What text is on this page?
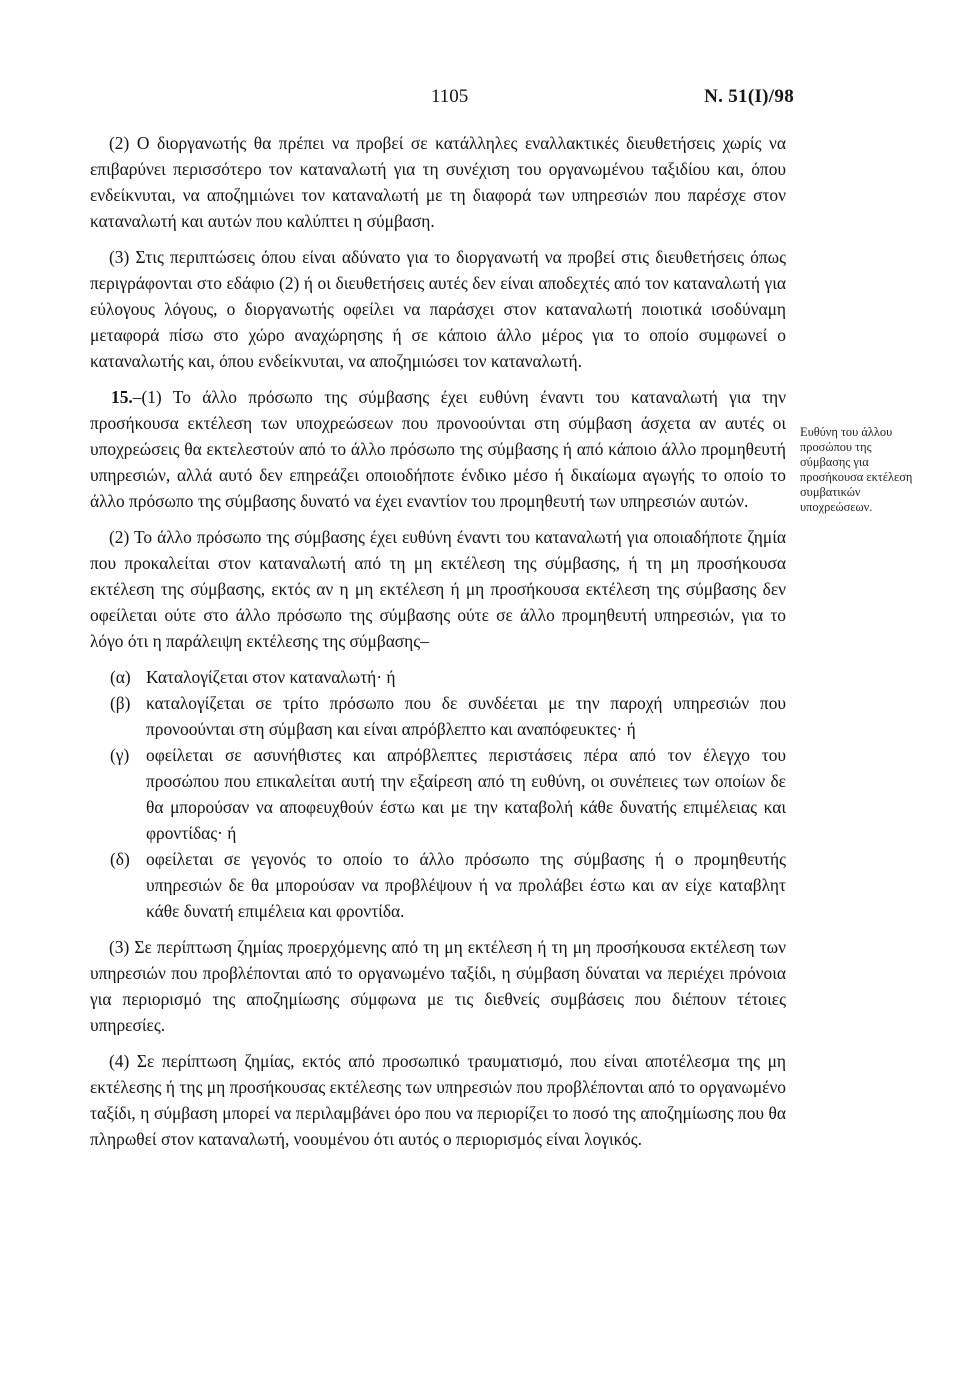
1105	Ν. 51(Ι)/98

(2) Ο διοργανωτής θα πρέπει να προβεί σε κατάλληλες εναλλακτικές διευθετήσεις χωρίς να επιβαρύνει περισσότερο τον καταναλωτή για τη συνέχιση του οργανωμένου ταξιδίου και, όπου ενδείκνυται, να αποζημιώνει τον καταναλωτή με τη διαφορά των υπηρεσιών που παρέσχε στον καταναλωτή και αυτών που καλύπτει η σύμβαση.

(3) Στις περιπτώσεις όπου είναι αδύνατο για το διοργανωτή να προβεί στις διευθετήσεις όπως περιγράφονται στο εδάφιο (2) ή οι διευθετήσεις αυτές δεν είναι αποδεχτές από τον καταναλωτή για εύλογους λόγους, ο διοργανωτής οφείλει να παράσχει στον καταναλωτή ποιοτικά ισοδύναμη μεταφορά πίσω στο χώρο αναχώρησης ή σε κάποιο άλλο μέρος για το οποίο συμφωνεί ο καταναλωτής και, όπου ενδείκνυται, να αποζημιώσει τον καταναλωτή.

15.–(1) Το άλλο πρόσωπο της σύμβασης έχει ευθύνη έναντι του καταναλωτή για την προσήκουσα εκτέλεση των υποχρεώσεων που προνοούνται στη σύμβαση άσχετα αν αυτές οι υποχρεώσεις θα εκτελεστούν από το άλλο πρόσωπο της σύμβασης ή από κάποιο άλλο προμηθευτή υπηρεσιών, αλλά αυτό δεν επηρεάζει οποιοδήποτε ένδικο μέσο ή δικαίωμα αγωγής το οποίο το άλλο πρόσωπο της σύμβασης δυνατό να έχει εναντίον του προμηθευτή των υπηρεσιών αυτών.

(2) Το άλλο πρόσωπο της σύμβασης έχει ευθύνη έναντι του καταναλωτή για οποιαδήποτε ζημία που προκαλείται στον καταναλωτή από τη μη εκτέλεση της σύμβασης, ή τη μη προσήκουσα εκτέλεση της σύμβασης, εκτός αν η μη εκτέλεση ή μη προσήκουσα εκτέλεση της σύμβασης δεν οφείλεται ούτε στο άλλο πρόσωπο της σύμβασης ούτε σε άλλο προμηθευτή υπηρεσιών, για το λόγο ότι η παράλειψη εκτέλεσης της σύμβασης–

(α) Καταλογίζεται στον καταναλωτή· ή
(β) καταλογίζεται σε τρίτο πρόσωπο που δε συνδέεται με την παροχή υπηρεσιών που προνοούνται στη σύμβαση και είναι απρόβλεπτο και αναπόφευκτες· ή
(γ) οφείλεται σε ασυνήθιστες και απρόβλεπτες περιστάσεις πέρα από τον έλεγχο του προσώπου που επικαλείται αυτή την εξαίρεση από τη ευθύνη, οι συνέπειες των οποίων δε θα μπορούσαν να αποφευχθούν έστω και με την καταβολή κάθε δυνατής επιμέλειας και φροντίδας· ή
(δ) οφείλεται σε γεγονός το οποίο το άλλο πρόσωπο της σύμβασης ή ο προμηθευτής υπηρεσιών δε θα μπορούσαν να προβλέψουν ή να προλάβει έστω και αν είχε καταβλητ κάθε δυνατή επιμέλεια και φροντίδα.

(3) Σε περίπτωση ζημίας προερχόμενης από τη μη εκτέλεση ή τη μη προσήκουσα εκτέλεση των υπηρεσιών που προβλέπονται από το οργανωμένο ταξίδι, η σύμβαση δύναται να περιέχει πρόνοια για περιορισμό της αποζημίωσης σύμφωνα με τις διεθνείς συμβάσεις που διέπουν τέτοιες υπηρεσίες.

(4) Σε περίπτωση ζημίας, εκτός από προσωπικό τραυματισμό, που είναι αποτέλεσμα της μη εκτέλεσης ή της μη προσήκουσας εκτέλεσης των υπηρεσιών που προβλέπονται από το οργανωμένο ταξίδι, η σύμβαση μπορεί να περιλαμβάνει όρο που να περιορίζει το ποσό της αποζημίωσης που θα πληρωθεί στον καταναλωτή, νοουμένου ότι αυτός ο περιορισμός είναι λογικός.

Ευθύνη του άλλου προσώπου της σύμβασης για προσήκουσα εκτέλεση συμβατικών υποχρεώσεων.
